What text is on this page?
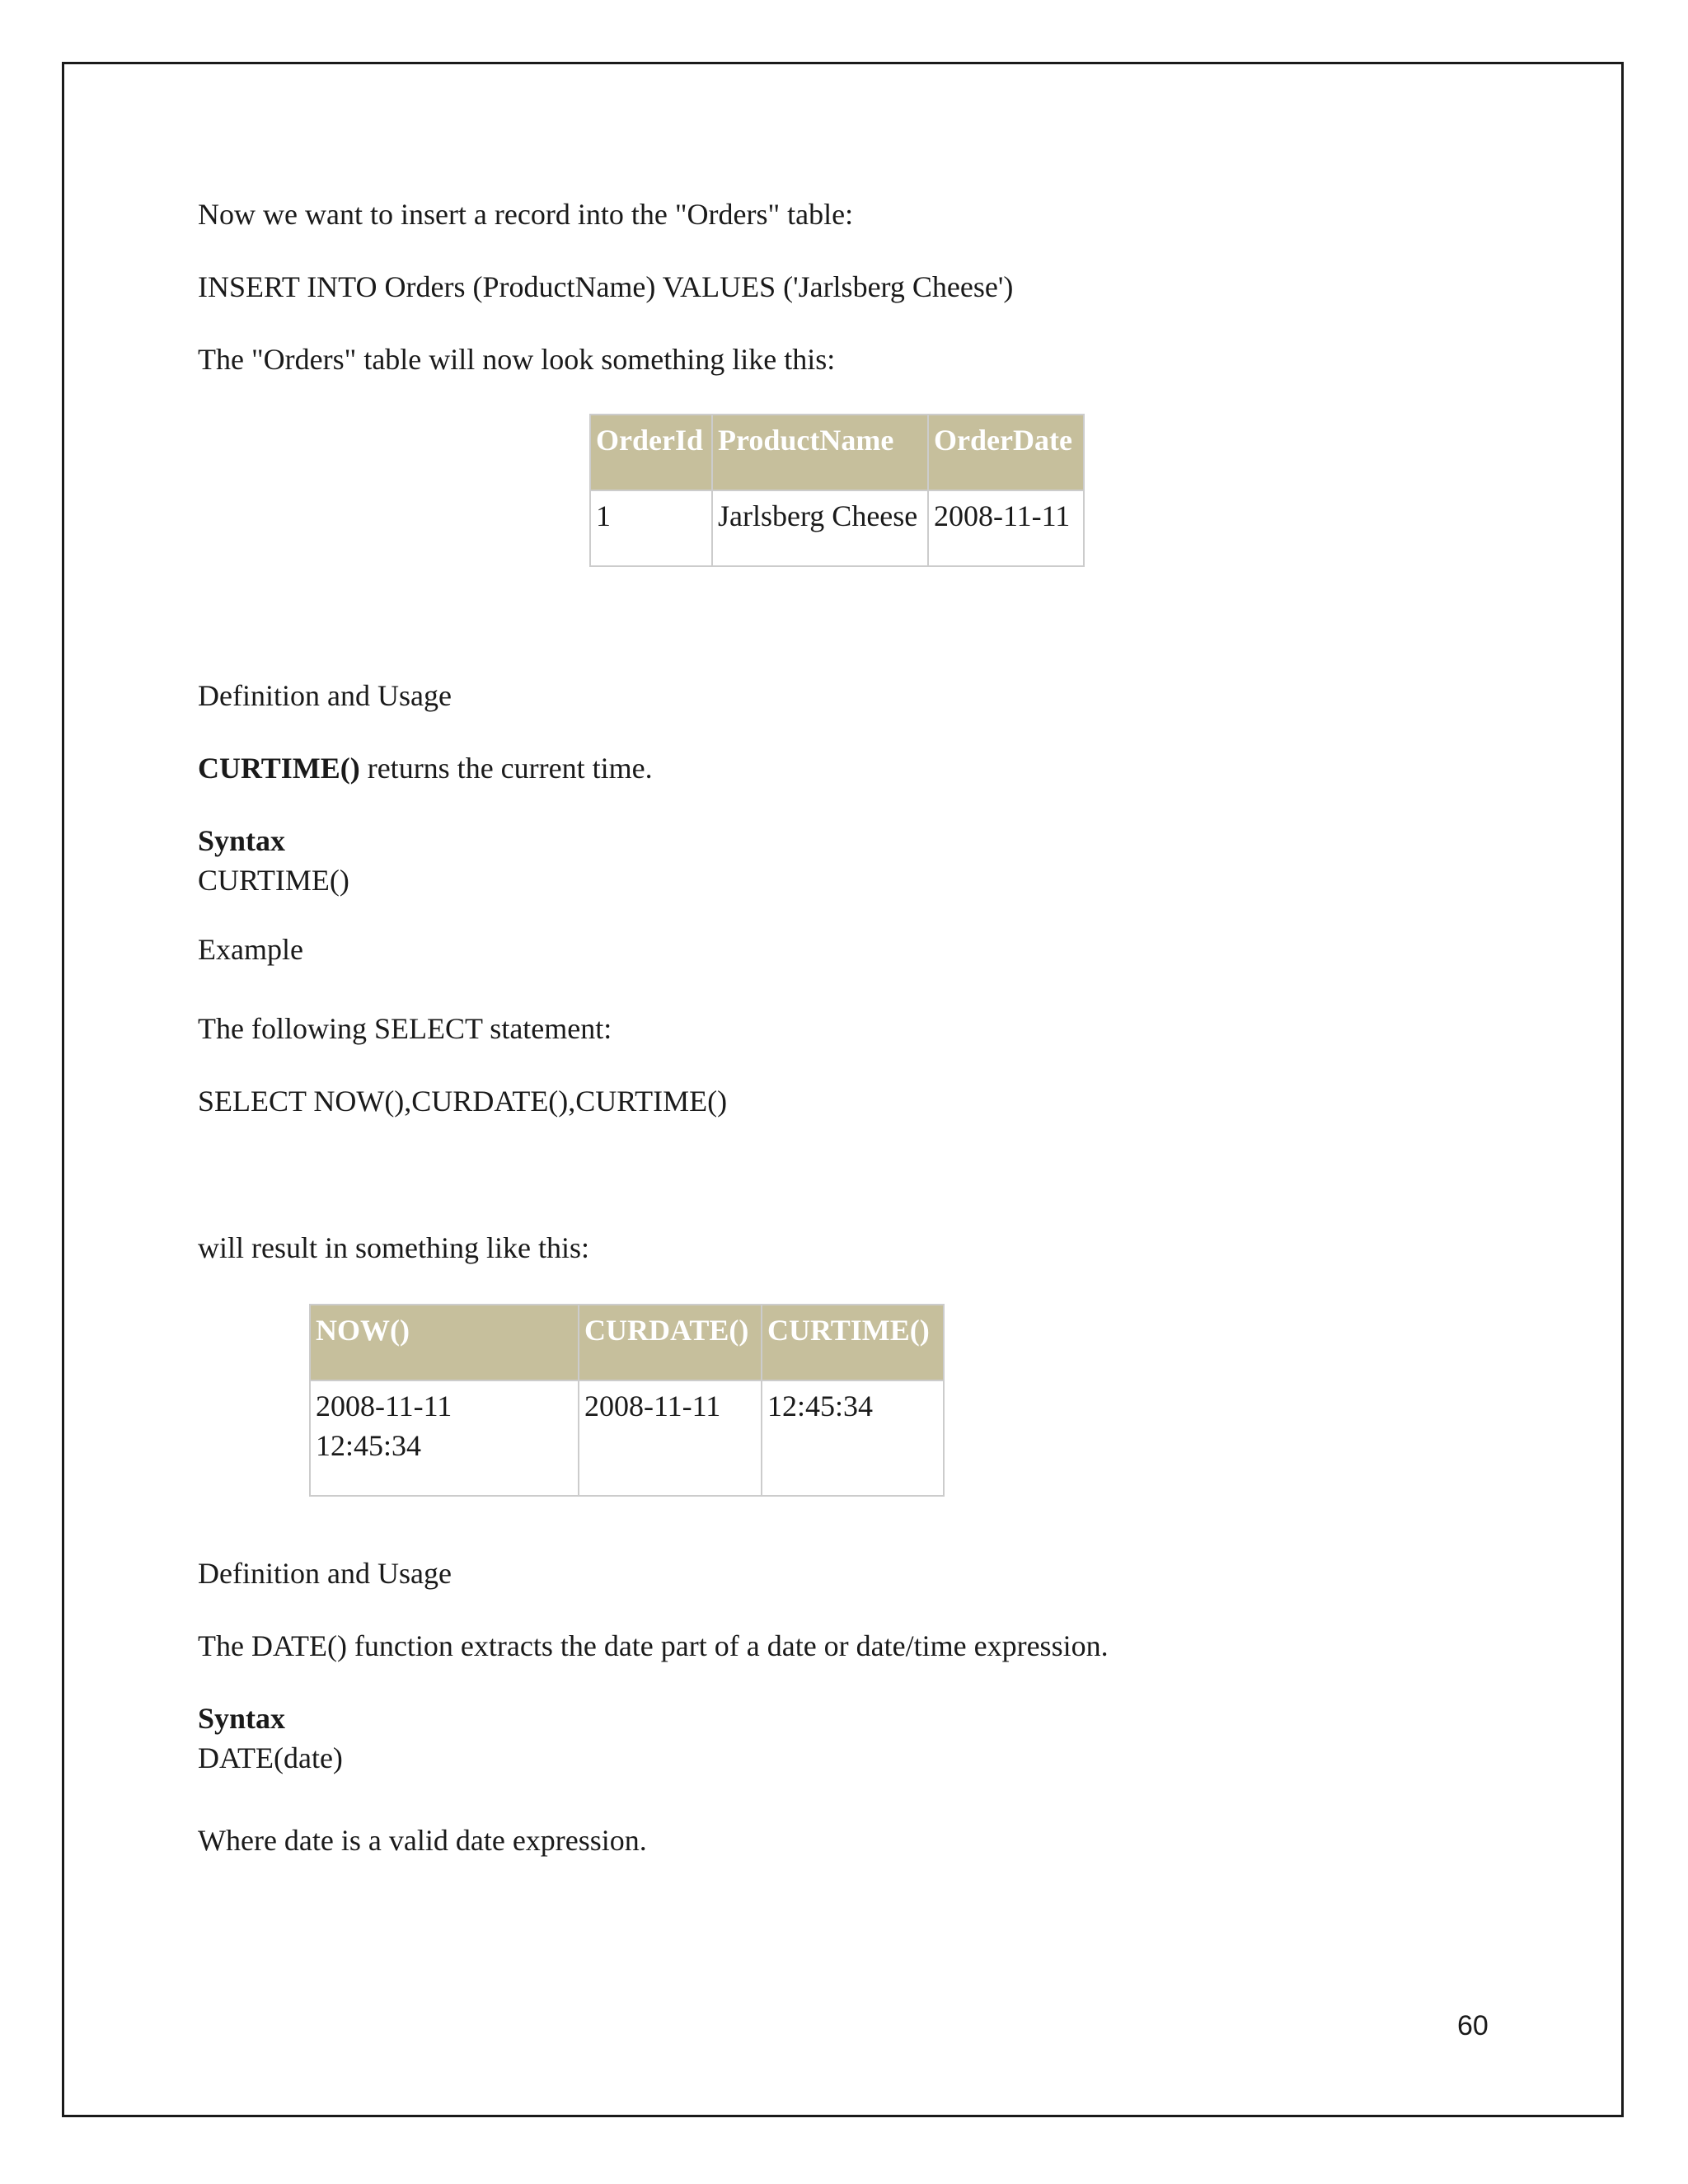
Now we want to insert a record into the "Orders" table:
INSERT INTO Orders (ProductName) VALUES ('Jarlsberg Cheese')
The "Orders" table will now look something like this:
OrderId	ProductName	OrderDate
1	Jarlsberg Cheese	2008-11-11
Definition and Usage
CURTIME() returns the current time.
Syntax
CURTIME()
Example
The following SELECT statement:
SELECT NOW(),CURDATE(),CURTIME()
will result in something like this:
NOW()	CURDATE()	CURTIME()
2008-11-11 12:45:34	2008-11-11	12:45:34
Definition and Usage
The DATE() function extracts the date part of a date or date/time expression.
Syntax
DATE(date)
Where date is a valid date expression.
60
